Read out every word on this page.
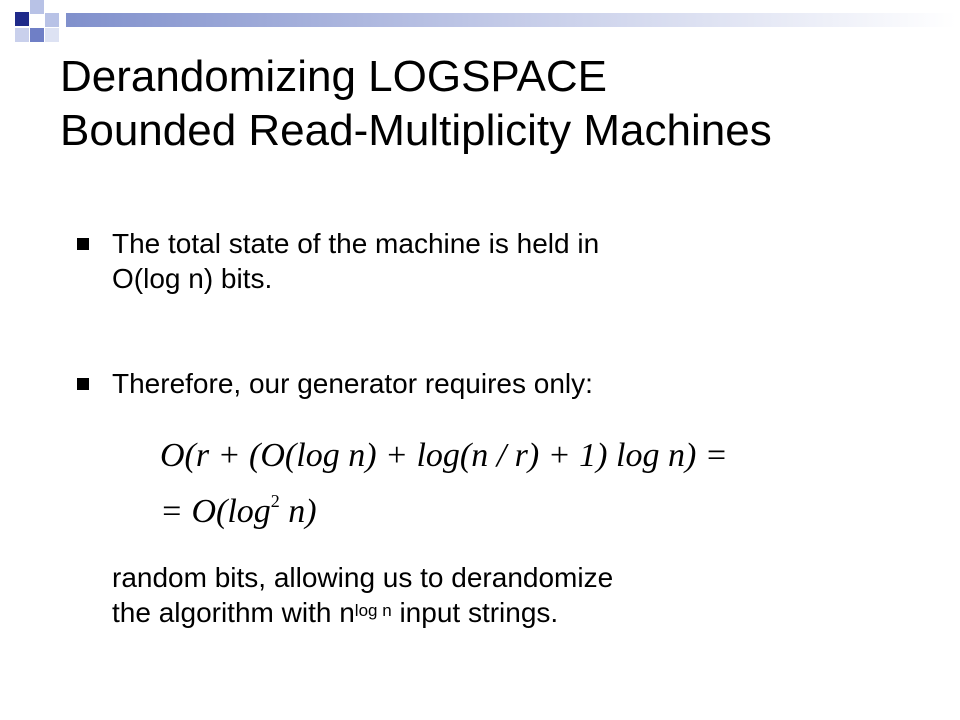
Derandomizing LOGSPACE
Bounded Read-Multiplicity Machines
The total state of the machine is held in
O(log n) bits.
Therefore, our generator requires only:
O(r + (O(log n) + log(n / r) + 1) log n) =
= $O(\log^2$ n)
random bits, allowing us to derandomize
the algorithm with $n^{log n}$ input strings.
